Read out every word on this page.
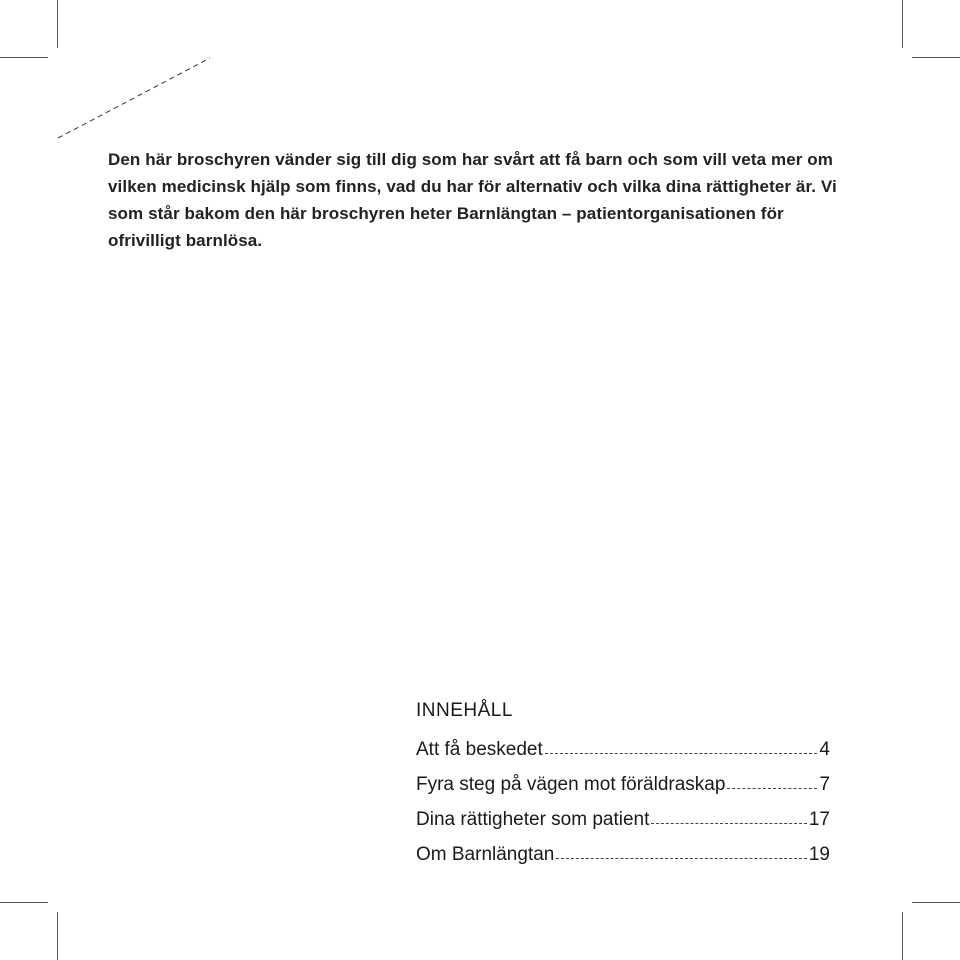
Den här broschyren vänder sig till dig som har svårt att få barn och som vill veta mer om vilken medicinsk hjälp som finns, vad du har för alternativ och vilka dina rättigheter är. Vi som står bakom den här broschyren heter Barnlängtan – patientorganisationen för ofrivilligt barnlösa.

INNEHÅLL
Att få beskedet	4
Fyra steg på vägen mot föräldraskap	7
Dina rättigheter som patient	17
Om Barnlängtan	19
